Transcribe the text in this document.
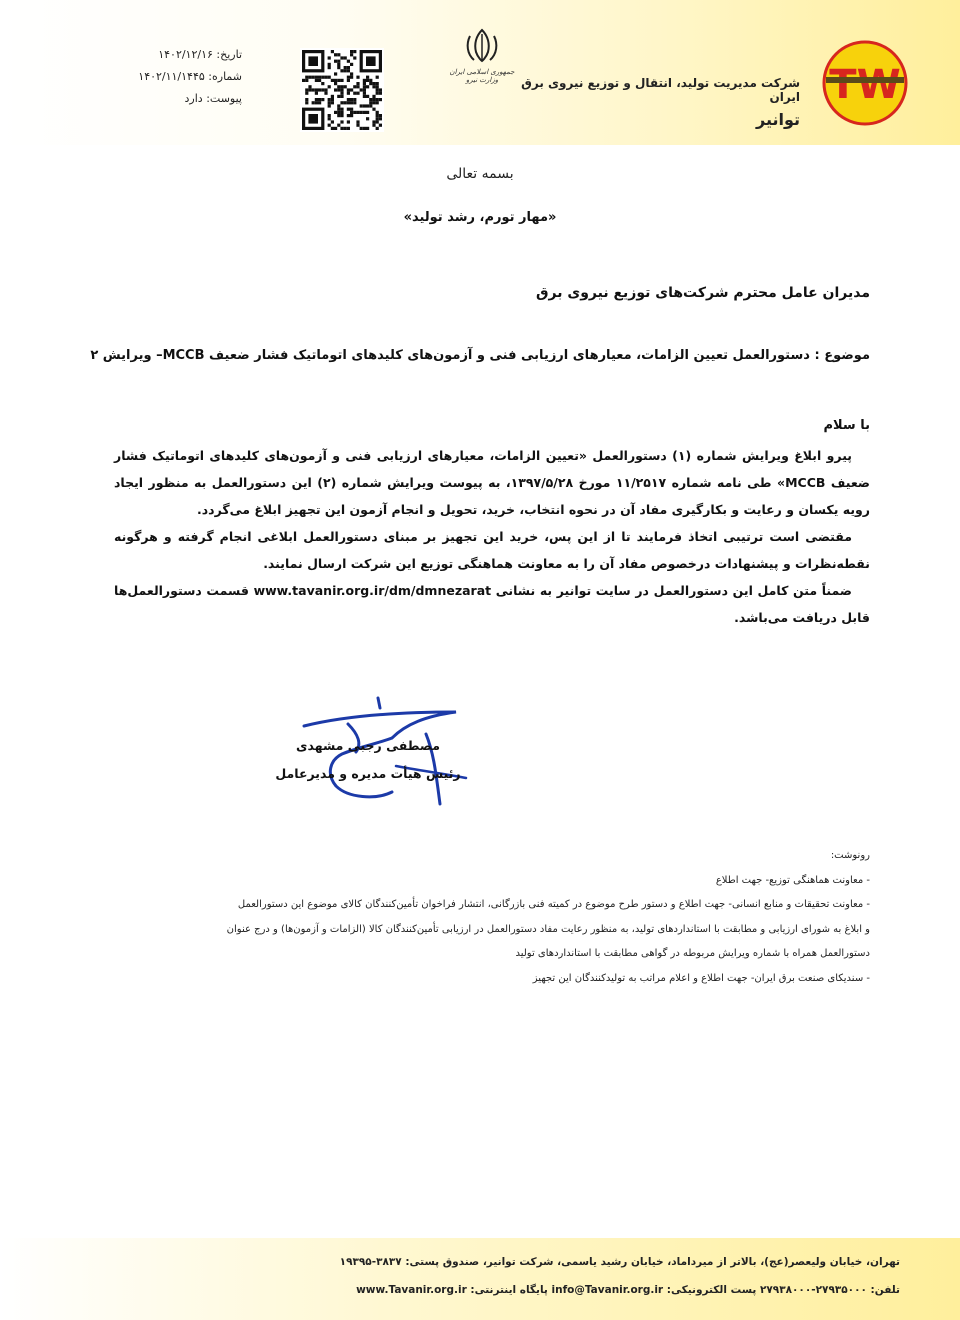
TW
شرکت مدیریت تولید، انتقال و توزیع نیروی برق ایران
توانیر
جمهوری اسلامی ایران
وزارت نیرو
تاریخ: ۱۴۰۲/۱۲/۱۶
شماره: ۱۴۰۲/۱۱/۱۴۴۵
پیوست: دارد
بسمه تعالی
«مهار تورم، رشد تولید»
مدیران عامل محترم شرکت‌های توزیع نیروی برق
موضوع : دستورالعمل تعیین الزامات، معیارهای ارزیابی فنی و آزمون‌های کلیدهای اتوماتیک فشار ضعیف MCCB– ویرایش ۲
با سلام

پیرو ابلاغ ویرایش شماره (۱) دستورالعمل «تعیین الزامات، معیارهای ارزیابی فنی و آزمون‌های کلیدهای اتوماتیک فشار ضعیف MCCB» طی نامه شماره ۱۱/۲۵۱۷ مورخ ۱۳۹۷/۵/۲۸، به پیوست ویرایش شماره (۲) این دستورالعمل به منظور ایجاد رویه یکسان و رعایت و بکارگیری مفاد آن در نحوه انتخاب، خرید، تحویل و انجام آزمون این تجهیز ابلاغ می‌گردد.

مقتضی است ترتیبی اتخاذ فرمایند تا از این پس، خرید این تجهیز بر مبنای دستورالعمل ابلاغی انجام گرفته و هرگونه نقطه‌نظرات و پیشنهادات درخصوص مفاد آن را به معاونت هماهنگی توزیع این شرکت ارسال نمایند.

ضمناً متن کامل این دستورالعمل در سایت توانیر به نشانی www.tavanir.org.ir/dm/dmnezarat قسمت دستورالعمل‌ها قابل دریافت می‌باشد.

مصطفی رجبی مشهدی
رئیس هیأت مدیره و مدیرعامل
رونوشت:
- معاونت هماهنگی توزیع- جهت اطلاع
- معاونت تحقیقات و منابع انسانی- جهت اطلاع و دستور طرح موضوع در کمیته فنی بازرگانی، انتشار فراخوان تأمین‌کنندگان کالای موضوع این دستورالعمل
و ابلاغ به شورای ارزیابی و مطابقت با استانداردهای تولید، به منظور رعایت مفاد دستورالعمل در ارزیابی تأمین‌کنندگان کالا (الزامات و آزمون‌ها) و درج عنوان
دستورالعمل همراه با شماره ویرایش مربوطه در گواهی مطابقت با استانداردهای تولید
- سندیکای صنعت برق ایران- جهت اطلاع و اعلام مراتب به تولیدکنندگان این تجهیز
تهران، خیابان ولیعصر(عج)، بالاتر از میرداماد، خیابان رشید یاسمی، شرکت توانیر، صندوق پستی: ۳۸۳۷-۱۹۳۹۵
تلفن: ۲۷۹۳۵۰۰۰-۲۷۹۳۸۰۰۰ پست الکترونیکی: info@Tavanir.org.ir پایگاه اینترنتی: www.Tavanir.org.ir
